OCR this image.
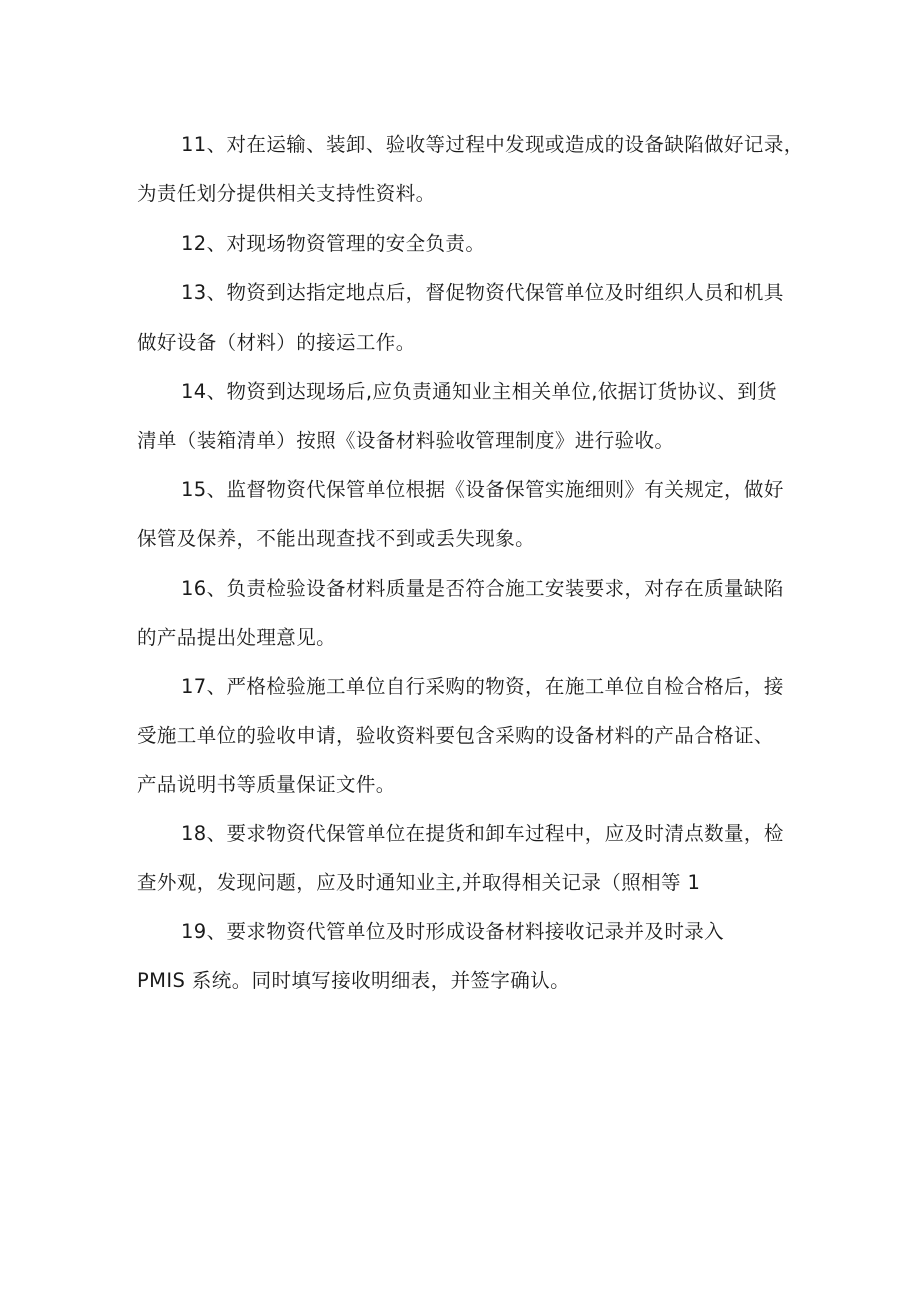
11、对在运输、装卸、验收等过程中发现或造成的设备缺陷做好记录，
为责任划分提供相关支持性资料。
12、对现场物资管理的安全负责。
13、物资到达指定地点后，督促物资代保管单位及时组织人员和机具
做好设备（材料）的接运工作。
14、物资到达现场后,应负责通知业主相关单位,依据订货协议、到货
清单（装箱清单）按照《设备材料验收管理制度》进行验收。
15、监督物资代保管单位根据《设备保管实施细则》有关规定，做好
保管及保养，不能出现查找不到或丢失现象。
16、负责检验设备材料质量是否符合施工安装要求，对存在质量缺陷
的产品提出处理意见。
17、严格检验施工单位自行采购的物资，在施工单位自检合格后，接
受施工单位的验收申请，验收资料要包含采购的设备材料的产品合格证、
产品说明书等质量保证文件。
18、要求物资代保管单位在提货和卸车过程中，应及时清点数量，检
查外观，发现问题，应及时通知业主,并取得相关记录（照相等 1
19、要求物资代管单位及时形成设备材料接收记录并及时录入
PMIS 系统。同时填写接收明细表，并签字确认。
